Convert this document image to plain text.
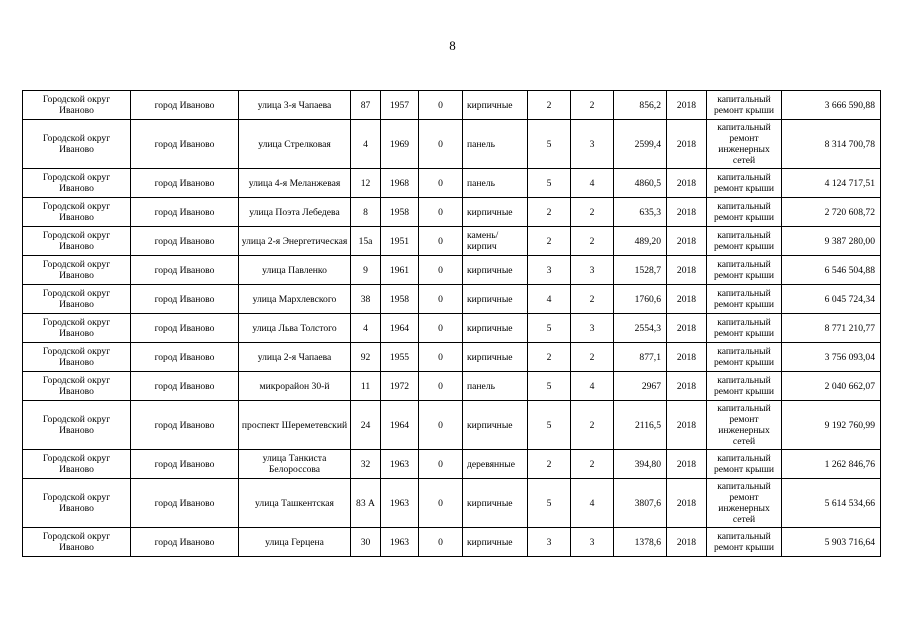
8
Городской округ Иваново	город Иваново	улица 3-я Чапаева	87	1957	0	кирпичные	2	2	856,2	2018	капитальный ремонт крыши	3 666 590,88
Городской округ Иваново	город Иваново	улица Стрелковая	4	1969	0	панель	5	3	2599,4	2018	капитальный ремонт инженерных сетей	8 314 700,78
Городской округ Иваново	город Иваново	улица 4-я Меланжевая	12	1968	0	панель	5	4	4860,5	2018	капитальный ремонт крыши	4 124 717,51
Городской округ Иваново	город Иваново	улица Поэта Лебедева	8	1958	0	кирпичные	2	2	635,3	2018	капитальный ремонт крыши	2 720 608,72
Городской округ Иваново	город Иваново	улица 2-я Энергетическая	15а	1951	0	камень/кирпич	2	2	489,20	2018	капитальный ремонт крыши	9 387 280,00
Городской округ Иваново	город Иваново	улица Павленко	9	1961	0	кирпичные	3	3	1528,7	2018	капитальный ремонт крыши	6 546 504,88
Городской округ Иваново	город Иваново	улица Мархлевского	38	1958	0	кирпичные	4	2	1760,6	2018	капитальный ремонт крыши	6 045 724,34
Городской округ Иваново	город Иваново	улица Льва Толстого	4	1964	0	кирпичные	5	3	2554,3	2018	капитальный ремонт крыши	8 771 210,77
Городской округ Иваново	город Иваново	улица 2-я Чапаева	92	1955	0	кирпичные	2	2	877,1	2018	капитальный ремонт крыши	3 756 093,04
Городской округ Иваново	город Иваново	микрорайон 30-й	11	1972	0	панель	5	4	2967	2018	капитальный ремонт крыши	2 040 662,07
Городской округ Иваново	город Иваново	проспект Шереметевский	24	1964	0	кирпичные	5	2	2116,5	2018	капитальный ремонт инженерных сетей	9 192 760,99
Городской округ Иваново	город Иваново	улица Танкиста Белороссова	32	1963	0	деревянные	2	2	394,80	2018	капитальный ремонт крыши	1 262 846,76
Городской округ Иваново	город Иваново	улица Ташкентская	83 А	1963	0	кирпичные	5	4	3807,6	2018	капитальный ремонт инженерных сетей	5 614 534,66
Городской округ Иваново	город Иваново	улица Герцена	30	1963	0	кирпичные	3	3	1378,6	2018	капитальный ремонт крыши	5 903 716,64
